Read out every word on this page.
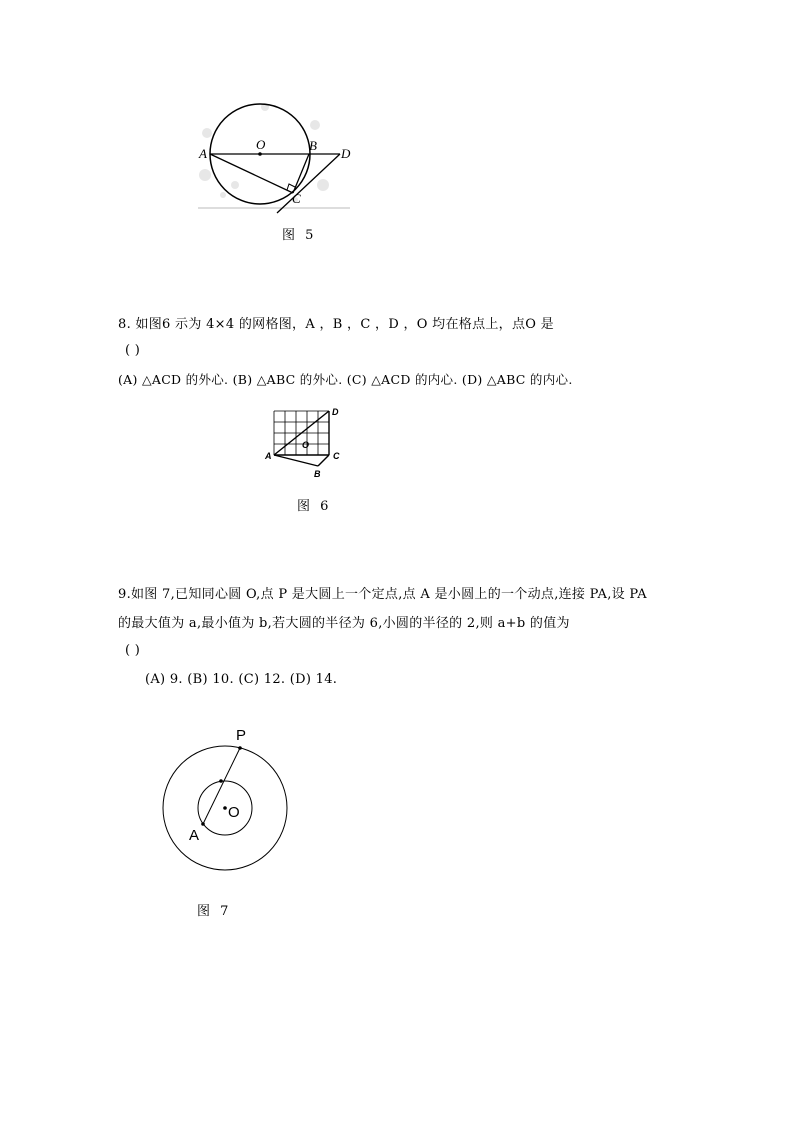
A
O	B
D
C
图 5
8. 如图6 示为 4×4 的网格图，A ，B ，C ，D ，O 均在格点上，点O 是
( )
(A) △ACD 的外心. (B) △ABC 的外心. (C) △ACD 的内心. (D) △ABC 的内心.
D
O
A	C
B
图 6
9.如图 7,已知同心圆 O,点 P 是大圆上一个定点,点 A 是小圆上的一个动点,连接 PA,设 PA
的最大值为 a,最小值为 b,若大圆的半径为 6,小圆的半径的 2,则 a+b 的值为
( )
(A) 9. (B) 10. (C) 12. (D) 14.
P
O
A
图 7
